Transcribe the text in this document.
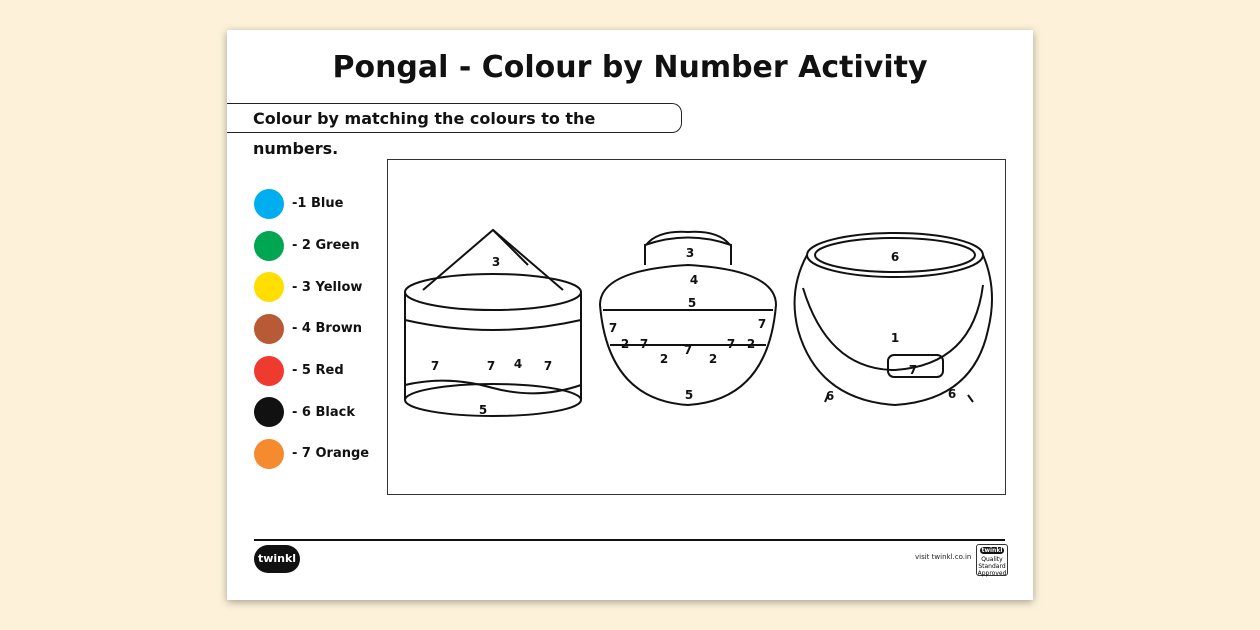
Pongal - Colour by Number Activity
Colour by matching the colours to the numbers.
-1 Blue
- 2 Green
- 3 Yellow
- 4 Brown
- 5 Red
- 6 Black
- 7 Orange
3
7	7 4 7
5
3
4
5
7
2 7
2
7
2
7 2
7
5
6
1
7
6	6
twinkl	visit twinkl.co.in
twinkl
Quality Standard Approved
